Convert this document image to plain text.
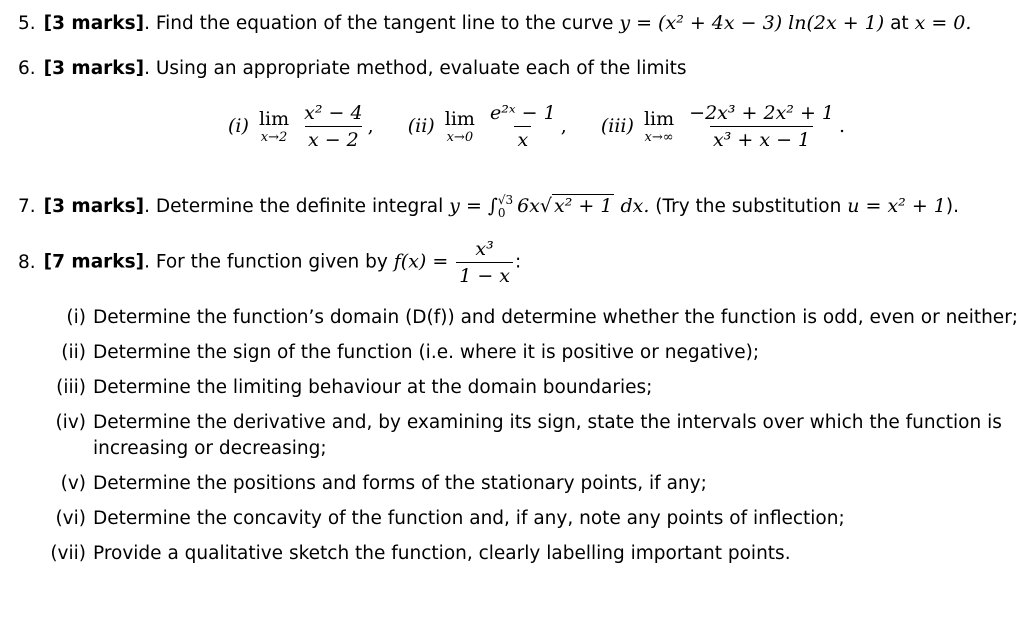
5. [3 marks]. Find the equation of the tangent line to the curve y = (x² + 4x − 3) ln(2x + 1) at x = 0.
6. [3 marks]. Using an appropriate method, evaluate each of the limits
(i) lim
x→2
$\frac{\text{x² − 4}}{x - 2}$ , (ii) lim
x→0
$\frac{\text{e²ˣ − 1}}{x}$ , (iii) lim
x→∞
$\frac{\text{−2x³ + 2x² + 1}}{\text{x³ + x − 1}}$ .
7. [3 marks]. Determine the definite integral y = ∫ √3
0 6x√ x² + 1 dx. (Try the substitution u = x² + 1).
8. [7 marks]. For the function given by $f(x) = \frac{\text{x³}}{1 - x}$ :
(i) Determine the function’s domain (D(f)) and determine whether the function is odd, even or neither;
(ii) Determine the sign of the function (i.e. where it is positive or negative);
(iii) Determine the limiting behaviour at the domain boundaries;
(iv) Determine the derivative and, by examining its sign, state the intervals over which the function is
increasing or decreasing;
(v) Determine the positions and forms of the stationary points, if any;
(vi) Determine the concavity of the function and, if any, note any points of inflection;
(vii) Provide a qualitative sketch the function, clearly labelling important points.
